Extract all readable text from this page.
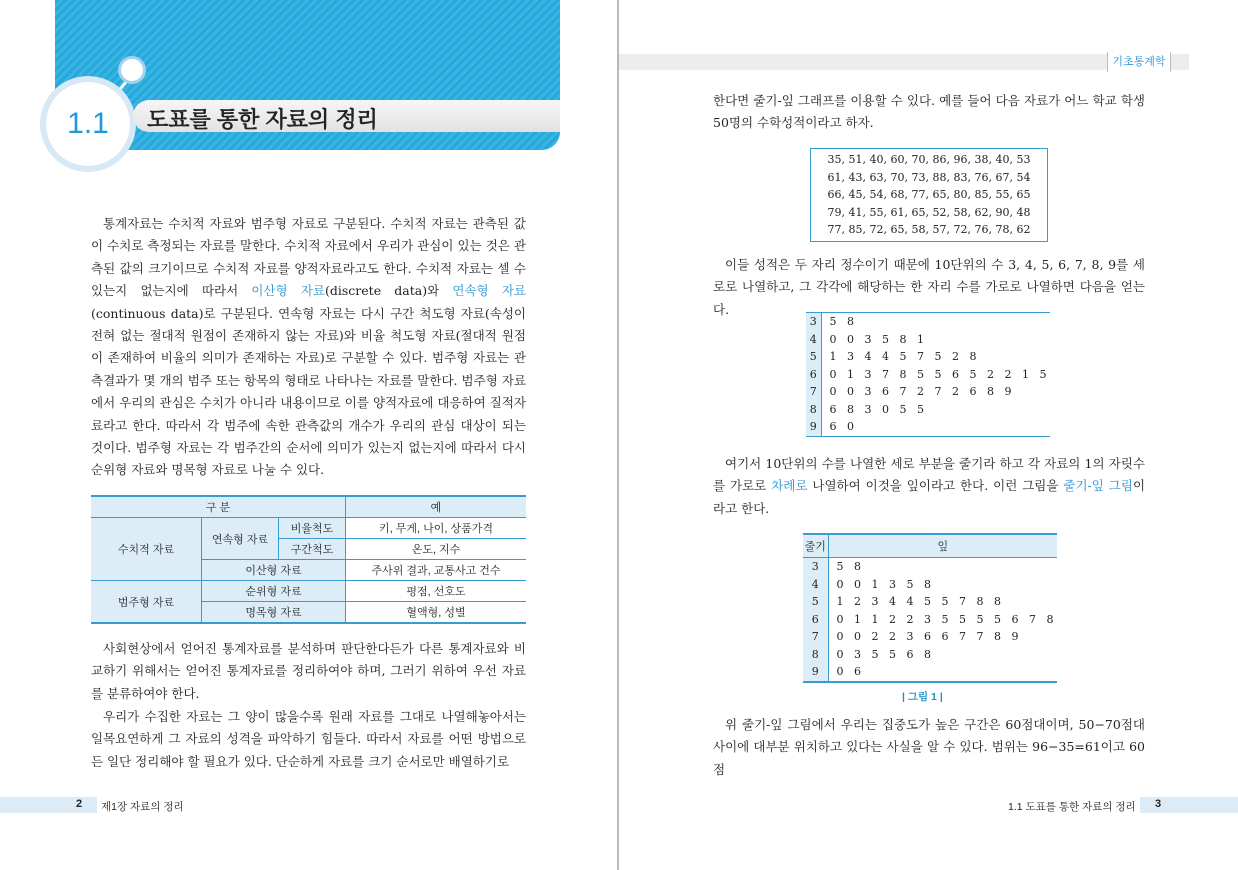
1.1	도표를 통한 자료의 정리
통계자료는 수치적 자료와 범주형 자료로 구분된다. 수치적 자료는 관측된 값이 수치로 측정되는 자료를 말한다. 수치적 자료에서 우리가 관심이 있는 것은 관측된 값의 크기이므로 수치적 자료를 양적자료라고도 한다. 수치적 자료는 셀 수 있는지 없는지에 따라서 이산형 자료(discrete data)와 연속형 자료(continuous data)로 구분된다. 연속형 자료는 다시 구간 척도형 자료(속성이 전혀 없는 절대적 원점이 존재하지 않는 자료)와 비율 척도형 자료(절대적 원점이 존재하여 비율의 의미가 존재하는 자료)로 구분할 수 있다. 범주형 자료는 관측결과가 몇 개의 범주 또는 항목의 형태로 나타나는 자료를 말한다. 범주형 자료에서 우리의 관심은 수치가 아니라 내용이므로 이를 양적자료에 대응하여 질적자료라고 한다. 따라서 각 범주에 속한 관측값의 개수가 우리의 관심 대상이 되는 것이다. 범주형 자료는 각 범주간의 순서에 의미가 있는지 없는지에 따라서 다시 순위형 자료와 명목형 자료로 나눌 수 있다.
구 분			예
수치적 자료	연속형 자료	비율척도	키, 무게, 나이, 상품가격
		구간척도	온도, 지수
	이산형 자료		주사위 결과, 교통사고 건수
범주형 자료	순위형 자료		평점, 선호도
	명목형 자료		혈액형, 성별
사회현상에서 얻어진 통계자료를 분석하며 판단한다든가 다른 통계자료와 비교하기 위해서는 얻어진 통계자료를 정리하여야 하며, 그러기 위하여 우선 자료를 분류하여야 한다.
우리가 수집한 자료는 그 양이 많을수록 원래 자료를 그대로 나열해놓아서는 일목요연하게 그 자료의 성격을 파악하기 힘들다. 따라서 자료를 어떤 방법으로든 일단 정리해야 할 필요가 있다. 단순하게 자료를 크기 순서로만 배열하기로
2 제1장 자료의 정리
기초통계학
한다면 줄기-잎 그래프를 이용할 수 있다. 예를 들어 다음 자료가 어느 학교 학생 50명의 수학성적이라고 하자.
35, 51, 40, 60, 70, 86, 96, 38, 40, 53
61, 43, 63, 70, 73, 88, 83, 76, 67, 54
66, 45, 54, 68, 77, 65, 80, 85, 55, 65
79, 41, 55, 61, 65, 52, 58, 62, 90, 48
77, 85, 72, 65, 58, 57, 72, 76, 78, 62
이들 성적은 두 자리 정수이기 때문에 10단위의 수 3, 4, 5, 6, 7, 8, 9를 세로로 나열하고, 그 각각에 해당하는 한 자리 수를 가로로 나열하면 다음을 얻는다.
3	5 8
4	0 0 3 5 8 1
5	1 3 4 4 5 7 5 2 8
6	0 1 3 7 8 5 5 6 5 2 2 1 5
7	0 0 3 6 7 2 7 2 6 8 9
8	6 8 3 0 5 5
9	6 0
여기서 10단위의 수를 나열한 세로 부분을 줄기라 하고 각 자료의 1의 자릿수를 가로로 차례로 나열하여 이것을 잎이라고 한다. 이런 그림을 줄기-잎 그림이라고 한다.
줄기	잎
3	5 8
4	0 0 1 3 5 8
5	1 2 3 4 4 5 5 7 8 8
6	0 1 1 2 2 3 5 5 5 5 6 7 8
7	0 0 2 2 3 6 6 7 7 8 9
8	0 3 5 5 6 8
9	0 6
| 그림 1 |
위 줄기-잎 그림에서 우리는 집중도가 높은 구간은 60점대이며, 50−70점대 사이에 대부분 위치하고 있다는 사실을 알 수 있다. 범위는 96−35=61이고 60점
1.1 도표를 통한 자료의 정리 3
